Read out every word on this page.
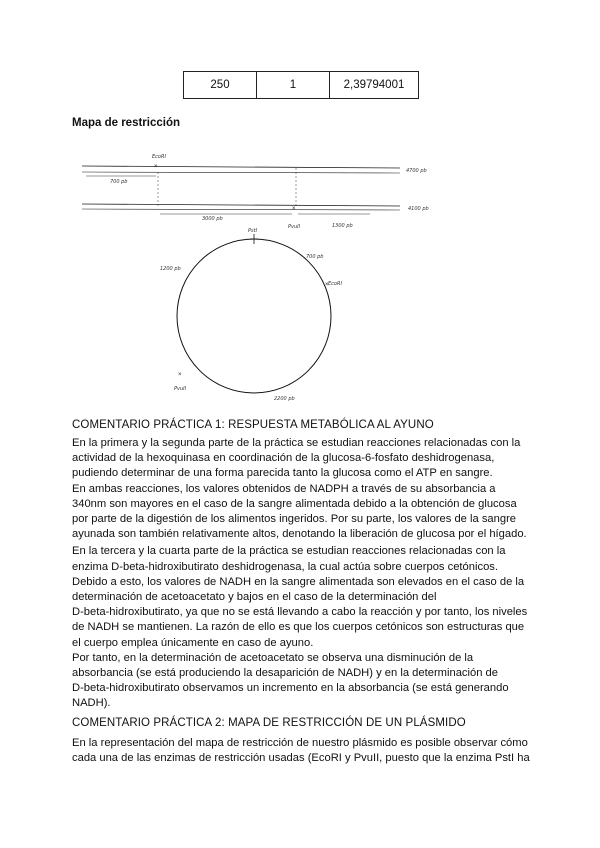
250	1	2,39794001
Mapa de restricción
4700 pb
EcoRI
×
700 pb
4100 pb
×
3000 pb
PvuII	1300 pb
PstI
1200 pb
700 pb
× EcoRI
×
PvuII
2200 pb
COMENTARIO PRÁCTICA 1: RESPUESTA METABÓLICA AL AYUNO

En la primera y la segunda parte de la práctica se estudian reacciones relacionadas con la

actividad de la hexoquinasa en coordinación de la glucosa-6-fosfato deshidrogenasa,

pudiendo determinar de una forma parecida tanto la glucosa como el ATP en sangre.

En ambas reacciones, los valores obtenidos de NADPH a través de su absorbancia a

340nm son mayores en el caso de la sangre alimentada debido a la obtención de glucosa

por parte de la digestión de los alimentos ingeridos. Por su parte, los valores de la sangre

ayunada son también relativamente altos, denotando la liberación de glucosa por el hígado.

En la tercera y la cuarta parte de la práctica se estudian reacciones relacionadas con la

enzima D-beta-hidroxibutirato deshidrogenasa, la cual actúa sobre cuerpos cetónicos.

Debido a esto, los valores de NADH en la sangre alimentada son elevados en el caso de la

determinación de acetoacetato y bajos en el caso de la determinación del

D-beta-hidroxibutirato, ya que no se está llevando a cabo la reacción y por tanto, los niveles

de NADH se mantienen. La razón de ello es que los cuerpos cetónicos son estructuras que

el cuerpo emplea únicamente en caso de ayuno.

Por tanto, en la determinación de acetoacetato se observa una disminución de la

absorbancia (se está produciendo la desaparición de NADH) y en la determinación de

D-beta-hidroxibutirato observamos un incremento en la absorbancia (se está generando

NADH).

COMENTARIO PRÁCTICA 2: MAPA DE RESTRICCIÓN DE UN PLÁSMIDO

En la representación del mapa de restricción de nuestro plásmido es posible observar cómo

cada una de las enzimas de restricción usadas (EcoRI y PvuII, puesto que la enzima PstI ha
